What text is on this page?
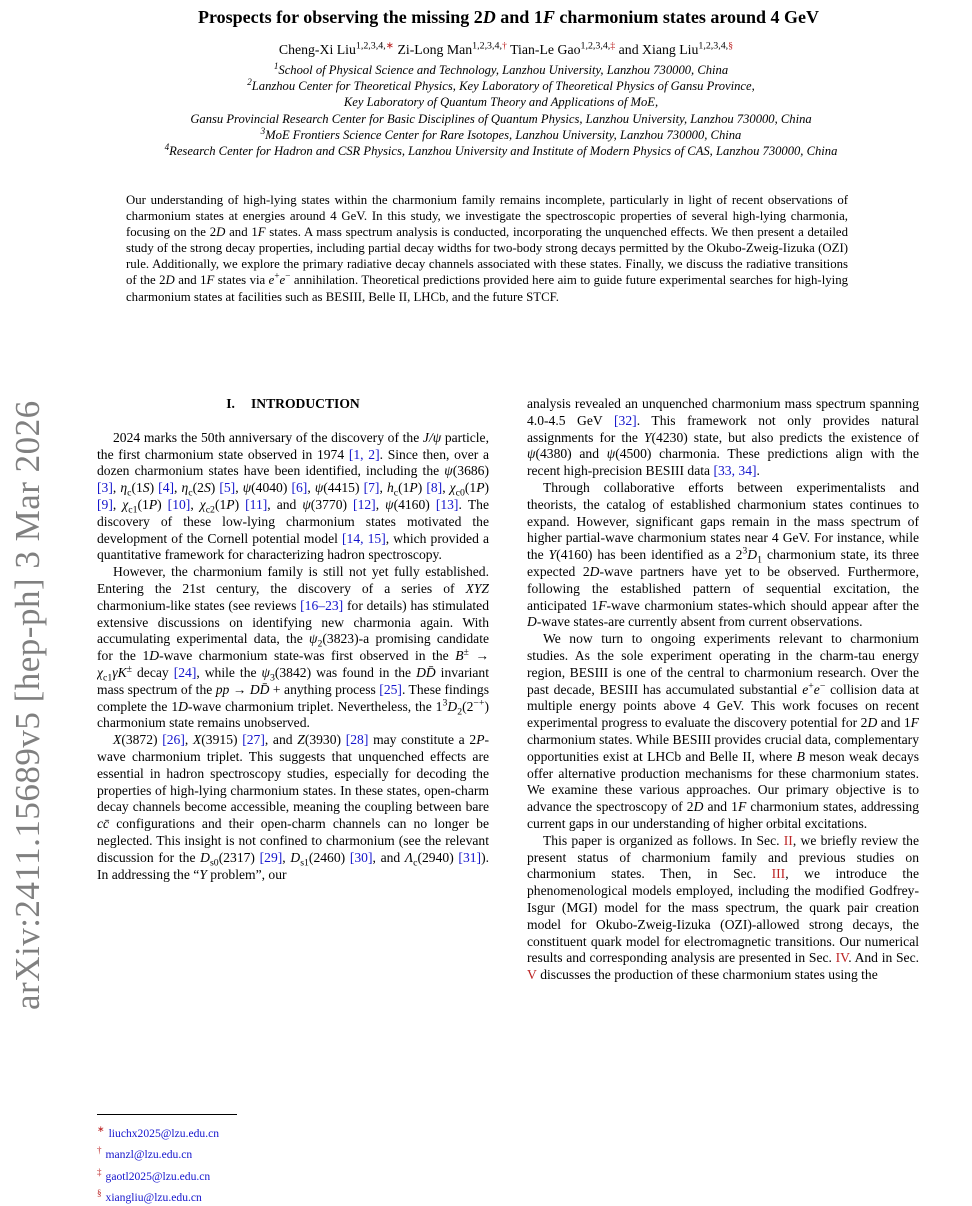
arXiv:2411.15689v5 [hep-ph] 3 Mar 2026
Prospects for observing the missing 2D and 1F charmonium states around 4 GeV
Cheng-Xi Liu$^{1,2,3,4,∗}$ Zi-Long Man$^{1,2,3,4,\dagger}$ Tian-Le Gao$^{1,2,3,4,\ddagger}$ and Xiang Liu$^{1,2,3,4,\S}$
$^1$School of Physical Science and Technology, Lanzhou University, Lanzhou 730000, China
$^2$Lanzhou Center for Theoretical Physics, Key Laboratory of Theoretical Physics of Gansu Province,
Key Laboratory of Quantum Theory and Applications of MoE,
Gansu Provincial Research Center for Basic Disciplines of Quantum Physics, Lanzhou University, Lanzhou 730000, China
$^3$MoE Frontiers Science Center for Rare Isotopes, Lanzhou University, Lanzhou 730000, China
$^4$Research Center for Hadron and CSR Physics, Lanzhou University and Institute of Modern Physics of CAS, Lanzhou 730000, China
Our understanding of high-lying states within the charmonium family remains incomplete, particularly in light of recent observations of charmonium states at energies around 4 GeV. In this study, we investigate the spectroscopic properties of several high-lying charmonia, focusing on the 2D and 1F states. A mass spectrum analysis is conducted, incorporating the unquenched effects. We then present a detailed study of the strong decay properties, including partial decay widths for two-body strong decays permitted by the Okubo-Zweig-Iizuka (OZI) rule. Additionally, we explore the primary radiative decay channels associated with these states. Finally, we discuss the radiative transitions of the 2D and 1F states via e+e− annihilation. Theoretical predictions provided here aim to guide future experimental searches for high-lying charmonium states at facilities such as BESIII, Belle II, LHCb, and the future STCF.
I. INTRODUCTION

2024 marks the 50th anniversary of the discovery of the J/ψ particle, the first charmonium state observed in 1974 [1, 2]. Since then, over a dozen charmonium states have been identified, including the ψ(3686) [3], $\eta_c(1S)$ [4], $\eta_c(2S)$ [5], ψ(4040) [6], ψ(4415) [7], $h_c(1P)$ [8], $\chi_{c0}(1P)$ [9], $\chi_{c1}(1P)$ [10], $\chi_{c2}(1P)$ [11], and ψ(3770) [12], ψ(4160) [13]. The discovery of these low-lying charmonium states motivated the development of the Cornell potential model [14, 15], which provided a quantitative framework for characterizing hadron spectroscopy.

However, the charmonium family is still not yet fully established. Entering the 21st century, the discovery of a series of XYZ charmonium-like states (see reviews [16–23] for details) has stimulated extensive discussions on identifying new charmonia again. With accumulating experimental data, the $\psi_2(3823)-a$ promising candidate for the 1D-wave charmonium state-was first observed in the $B^\pm \to \chi_{c1}\gamma K^\pm$ decay [24], while the $\psi_3(3842)$ was found in the DD̄ invariant mass spectrum of the pp → DD̄ + anything process [25]. These findings complete the 1D-wave charmonium triplet. Nevertheless, the $1^3D_2(2^{-+})$ charmonium state remains unobserved.

X(3872) [26], X(3915) [27], and Z(3930) [28] may constitute a 2P-wave charmonium triplet. This suggests that unquenched effects are essential in hadron spectroscopy studies, especially for decoding the properties of high-lying charmonium states. In these states, open-charm decay channels become accessible, meaning the coupling between bare cc̄ configurations and their open-charm channels can no longer be neglected. This insight is not confined to charmonium (see the relevant discussion for the $D_{s0}(2317)$ [29], $D_{s1}(2460)$ [30], and $\Lambda_c(2940)$ [31]). In addressing the “Y problem”, our

analysis revealed an unquenched charmonium mass spectrum spanning 4.0-4.5 GeV [32]. This framework not only provides natural assignments for the Y(4230) state, but also predicts the existence of ψ(4380) and ψ(4500) charmonia. These predictions align with the recent high-precision BESIII data [33, 34].

Through collaborative efforts between experimentalists and theorists, the catalog of established charmonium states continues to expand. However, significant gaps remain in the mass spectrum of higher partial-wave charmonium states near 4 GeV. For instance, while the Y(4160) has been identified as a $2^3D_1$ charmonium state, its three expected 2D-wave partners have yet to be observed. Furthermore, following the established pattern of sequential excitation, the anticipated 1F-wave charmonium states-which should appear after the D-wave states-are currently absent from current observations.

We now turn to ongoing experiments relevant to charmonium studies. As the sole experiment operating in the charm-tau energy region, BESIII is one of the central to charmonium research. Over the past decade, BESIII has accumulated substantial e+e− collision data at multiple energy points above 4 GeV. This work focuses on recent experimental progress to evaluate the discovery potential for 2D and 1F charmonium states. While BESIII provides crucial data, complementary opportunities exist at LHCb and Belle II, where B meson weak decays offer alternative production mechanisms for these charmonium states. We examine these various approaches. Our primary objective is to advance the spectroscopy of 2D and 1F charmonium states, addressing current gaps in our understanding of higher orbital excitations.

This paper is organized as follows. In Sec. II, we briefly review the present status of charmonium family and previous studies on charmonium states. Then, in Sec. III, we introduce the phenomenological models employed, including the modified Godfrey-Isgur (MGI) model for the mass spectrum, the quark pair creation model for Okubo-Zweig-Iizuka (OZI)-allowed strong decays, the constituent quark model for electromagnetic transitions. Our numerical results and corresponding analysis are presented in Sec. IV. And in Sec. V discusses the production of these charmonium states using the

∗ liuchx2025@lzu.edu.cn
† manzl@lzu.edu.cn
‡ gaotl2025@lzu.edu.cn
§ xiangliu@lzu.edu.cn
